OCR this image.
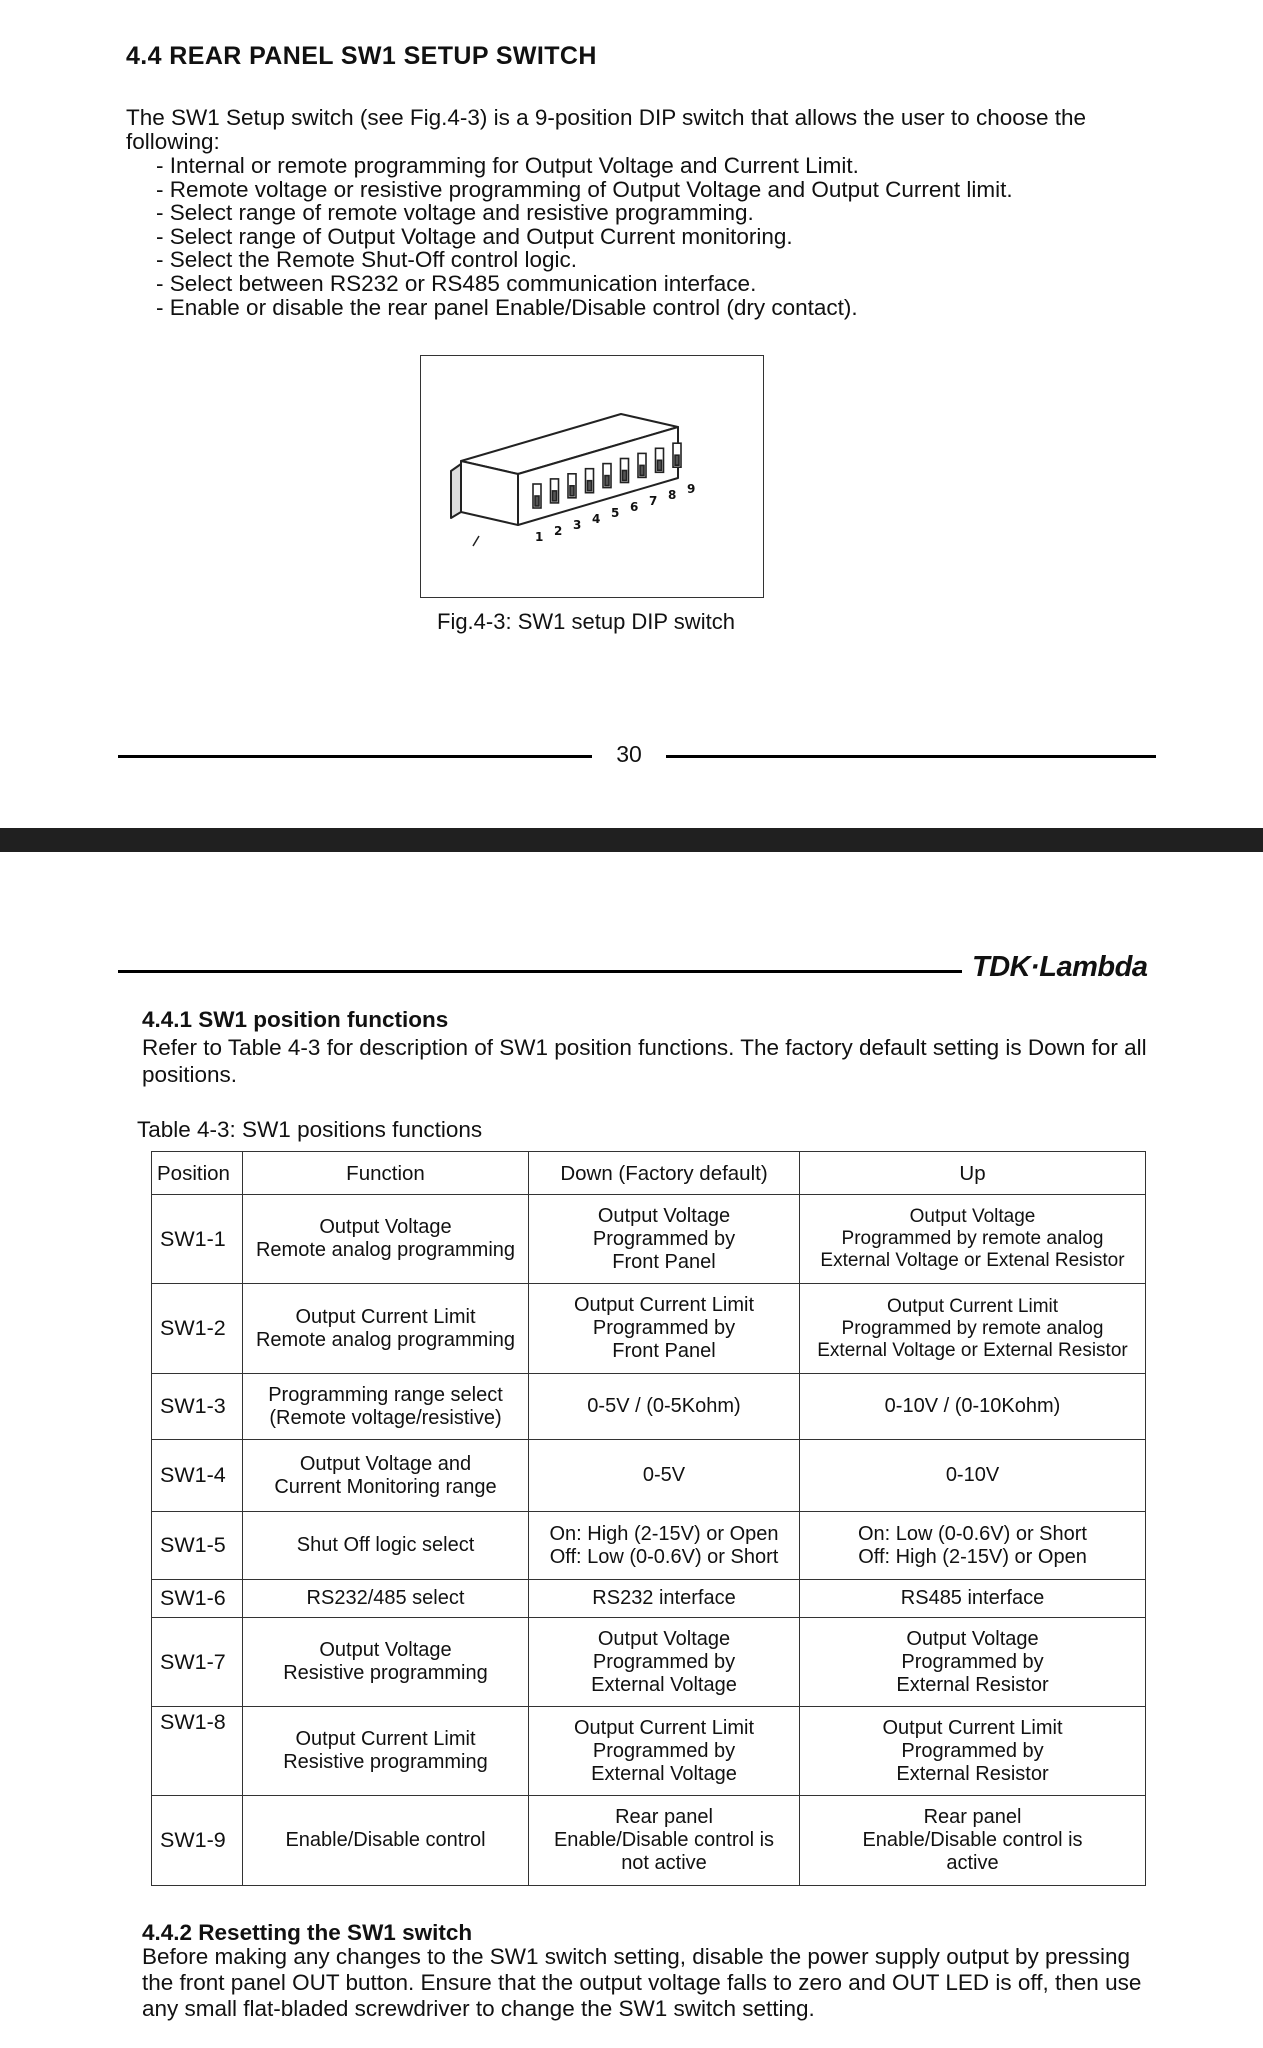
4.4 REAR PANEL SW1 SETUP SWITCH

The SW1 Setup switch (see Fig.4-3) is a 9-position DIP switch that allows the user to choose the following:

- Internal or remote programming for Output Voltage and Current Limit.
- Remote voltage or resistive programming of Output Voltage and Output Current limit.
- Select range of remote voltage and resistive programming.
- Select range of Output Voltage and Output Current monitoring.
- Select the Remote Shut-Off control logic.
- Select between RS232 or RS485 communication interface.
- Enable or disable the rear panel Enable/Disable control (dry contact).
1 2 3 4 5 6 7 8 9

Fig.4-3: SW1 setup DIP switch

30
TDK·Lambda
4.4.1 SW1 position functions

Refer to Table 4-3 for description of SW1 position functions. The factory default setting is Down for all positions.

Table 4-3: SW1 positions functions

Position	Function	Down (Factory default)	Up
SW1-1	Output Voltage
Remote analog programming	Output Voltage
Programmed by
Front Panel	Output Voltage
Programmed by remote analog
External Voltage or Extenal Resistor

SW1-2	Output Current Limit
Remote analog programming	Output Current Limit
Programmed by
Front Panel	Output Current Limit
Programmed by remote analog
External Voltage or External Resistor

SW1-3	Programming range select
(Remote voltage/resistive)	0-5V / (0-5Kohm)	0-10V / (0-10Kohm)

SW1-4	Output Voltage and
Current Monitoring range	0-5V	0-10V

SW1-5	Shut Off logic select	On: High (2-15V) or Open
Off: Low (0-0.6V) or Short	On: Low (0-0.6V) or Short
Off: High (2-15V) or Open

SW1-6	RS232/485 select	RS232 interface	RS485 interface

SW1-7	Output Voltage
Resistive programming	Output Voltage
Programmed by
External Voltage	Output Voltage
Programmed by
External Resistor

SW1-8	Output Current Limit
Resistive programming	Output Current Limit
Programmed by
External Voltage	Output Current Limit
Programmed by
External Resistor

SW1-9	Enable/Disable control	Rear panel
Enable/Disable control is
not active	Rear panel
Enable/Disable control is
active
4.4.2 Resetting the SW1 switch

Before making any changes to the SW1 switch setting, disable the power supply output by pressing the front panel OUT button. Ensure that the output voltage falls to zero and OUT LED is off, then use any small flat-bladed screwdriver to change the SW1 switch setting.
